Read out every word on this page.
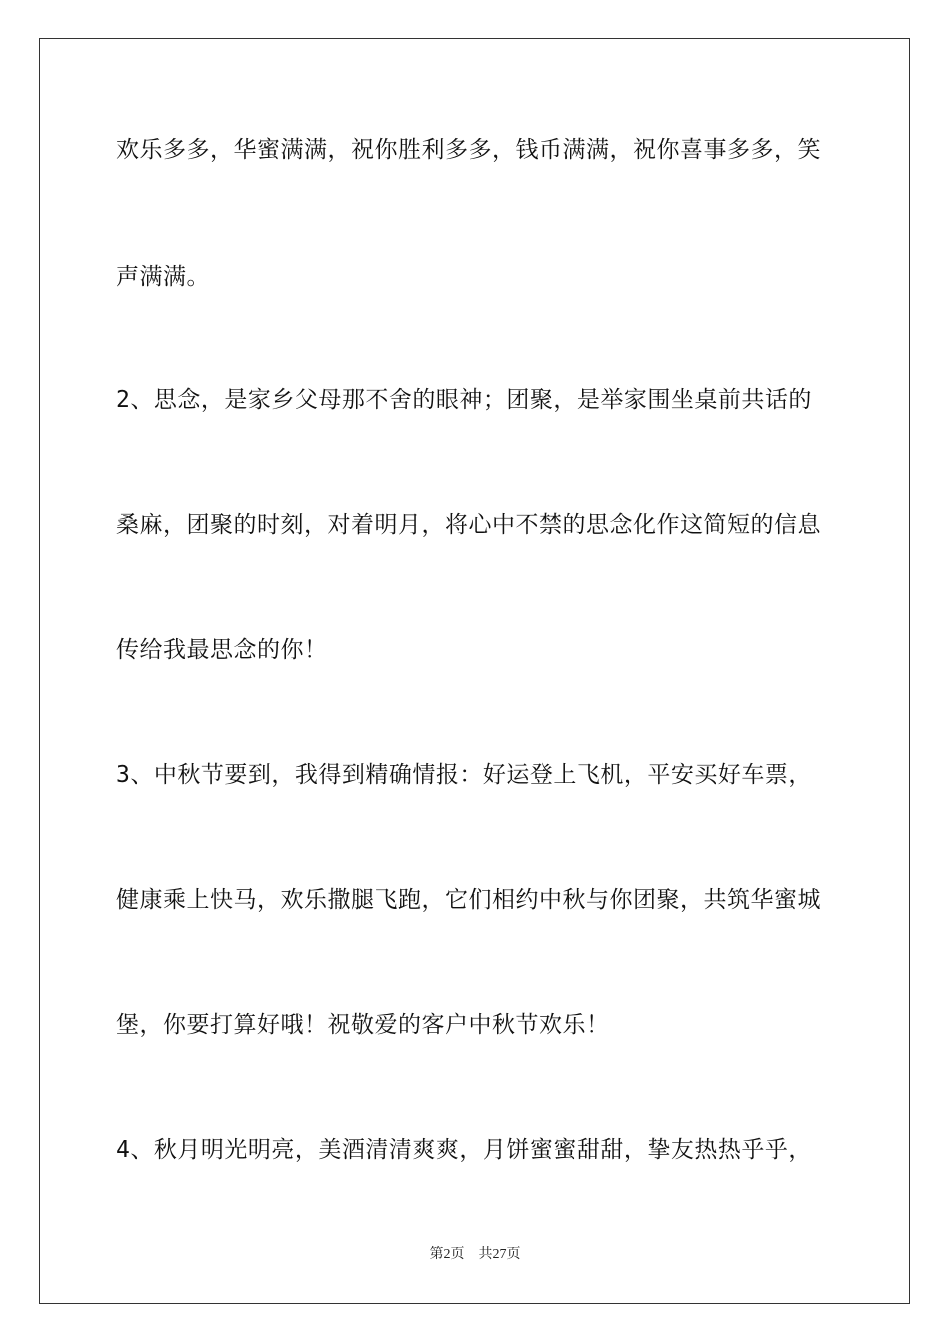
欢乐多多，华蜜满满，祝你胜利多多，钱币满满，祝你喜事多多，笑
声满满。
2、思念，是家乡父母那不舍的眼神；团聚，是举家围坐桌前共话的
桑麻，团聚的时刻，对着明月，将心中不禁的思念化作这简短的信息
传给我最思念的你！
3、中秋节要到，我得到精确情报：好运登上飞机，平安买好车票，
健康乘上快马，欢乐撒腿飞跑，它们相约中秋与你团聚，共筑华蜜城
堡，你要打算好哦！祝敬爱的客户中秋节欢乐！
4、秋月明光明亮，美酒清清爽爽，月饼蜜蜜甜甜，挚友热热乎乎，
第2页 共27页
